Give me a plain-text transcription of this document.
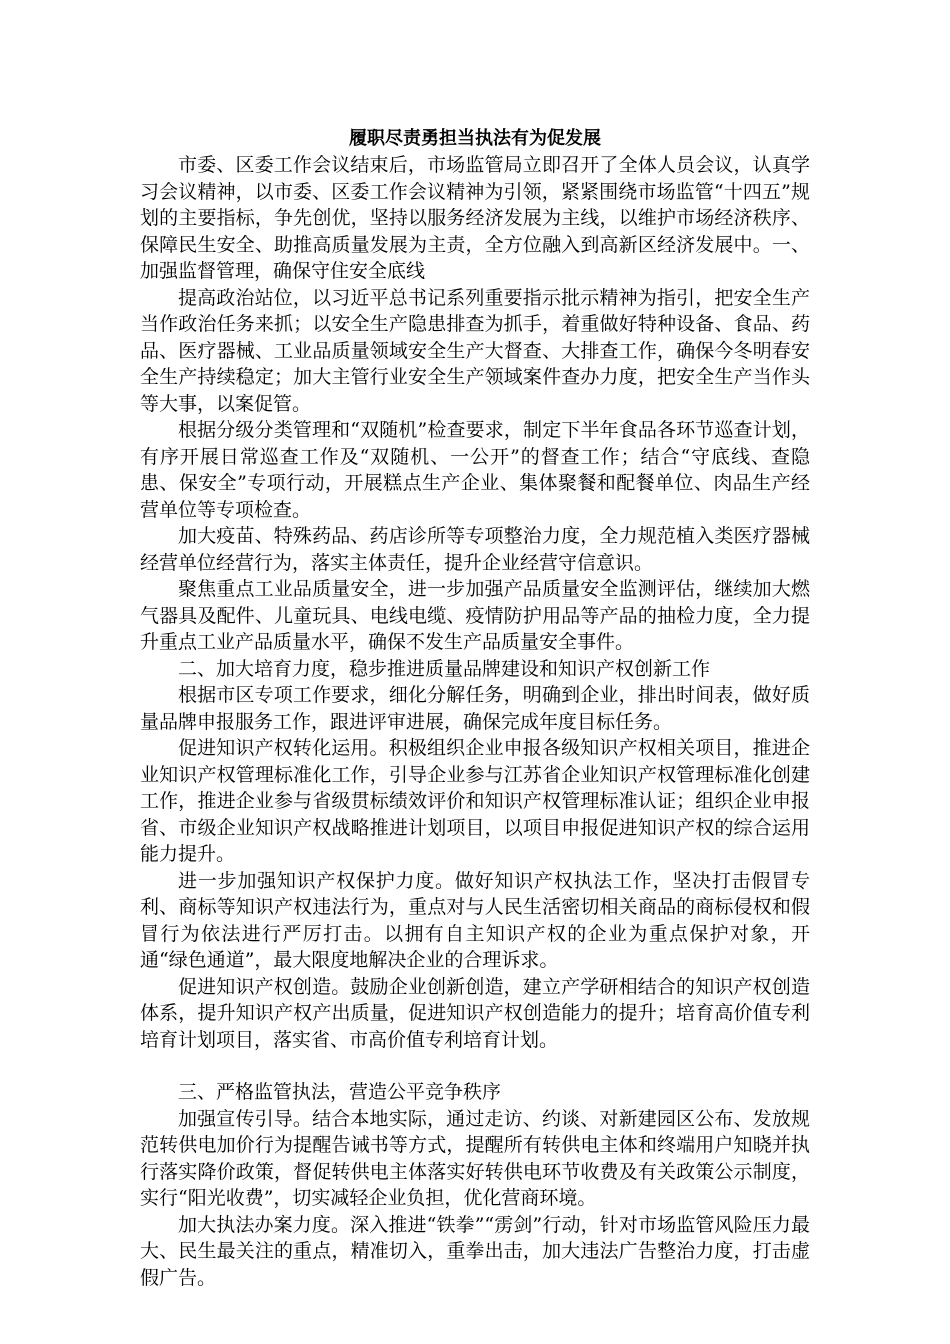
履职尽责勇担当执法有为促发展

市委、区委工作会议结束后，市场监管局立即召开了全体人员会议，认真学习会议精神，以市委、区委工作会议精神为引领，紧紧围绕市场监管“十四五”规划的主要指标，争先创优，坚持以服务经济发展为主线，以维护市场经济秩序、保障民生安全、助推高质量发展为主责，全方位融入到高新区经济发展中。一、加强监督管理，确保守住安全底线

提高政治站位，以习近平总书记系列重要指示批示精神为指引，把安全生产当作政治任务来抓；以安全生产隐患排查为抓手，着重做好特种设备、食品、药品、医疗器械、工业品质量领域安全生产大督查、大排查工作，确保今冬明春安全生产持续稳定；加大主管行业安全生产领域案件查办力度，把安全生产当作头等大事，以案促管。

根据分级分类管理和“双随机”检查要求，制定下半年食品各环节巡查计划，有序开展日常巡查工作及“双随机、一公开”的督查工作；结合“守底线、查隐患、保安全”专项行动，开展糕点生产企业、集体聚餐和配餐单位、肉品生产经营单位等专项检查。

加大疫苗、特殊药品、药店诊所等专项整治力度，全力规范植入类医疗器械经营单位经营行为，落实主体责任，提升企业经营守信意识。

聚焦重点工业品质量安全，进一步加强产品质量安全监测评估，继续加大燃气器具及配件、儿童玩具、电线电缆、疫情防护用品等产品的抽检力度，全力提升重点工业产品质量水平，确保不发生产品质量安全事件。

二、加大培育力度，稳步推进质量品牌建设和知识产权创新工作

根据市区专项工作要求，细化分解任务，明确到企业，排出时间表，做好质量品牌申报服务工作，跟进评审进展，确保完成年度目标任务。

促进知识产权转化运用。积极组织企业申报各级知识产权相关项目，推进企业知识产权管理标准化工作，引导企业参与江苏省企业知识产权管理标准化创建工作，推进企业参与省级贯标绩效评价和知识产权管理标准认证；组织企业申报省、市级企业知识产权战略推进计划项目，以项目申报促进知识产权的综合运用能力提升。

进一步加强知识产权保护力度。做好知识产权执法工作，坚决打击假冒专利、商标等知识产权违法行为，重点对与人民生活密切相关商品的商标侵权和假冒行为依法进行严厉打击。以拥有自主知识产权的企业为重点保护对象，开通“绿色通道”，最大限度地解决企业的合理诉求。

促进知识产权创造。鼓励企业创新创造，建立产学研相结合的知识产权创造体系，提升知识产权产出质量，促进知识产权创造能力的提升；培育高价值专利培育计划项目，落实省、市高价值专利培育计划。

三、严格监管执法，营造公平竞争秩序

加强宣传引导。结合本地实际，通过走访、约谈、对新建园区公布、发放规范转供电加价行为提醒告诫书等方式，提醒所有转供电主体和终端用户知晓并执行落实降价政策，督促转供电主体落实好转供电环节收费及有关政策公示制度，实行“阳光收费”，切实减轻企业负担，优化营商环境。

加大执法办案力度。深入推进“铁拳”“雳剑”行动，针对市场监管风险压力最大、民生最关注的重点，精准切入，重拳出击，加大违法广告整治力度，打击虚假广告。
